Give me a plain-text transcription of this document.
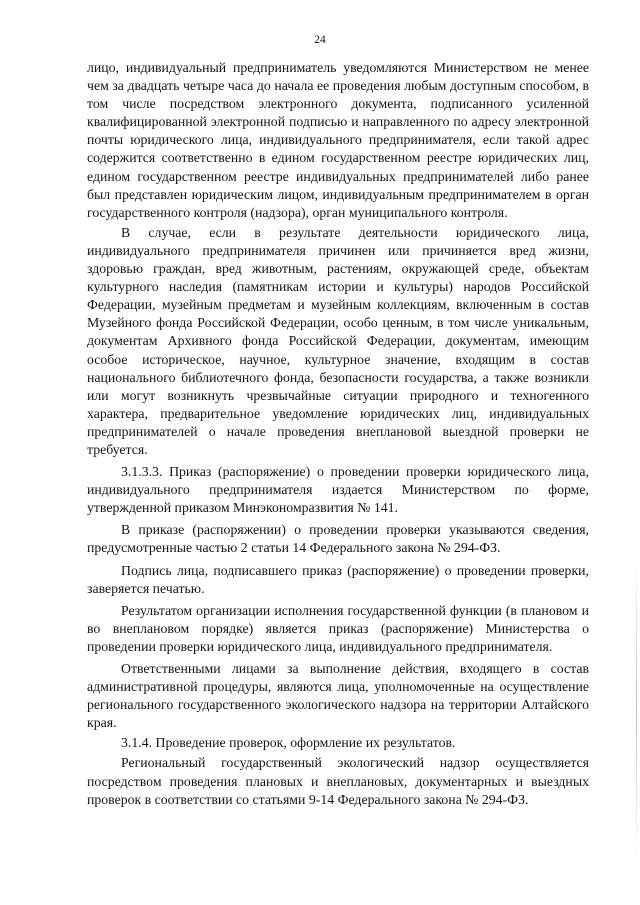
24

лицо, индивидуальный предприниматель уведомляются Министерством не менее чем за двадцать четыре часа до начала ее проведения любым доступным способом, в том числе посредством электронного документа, подписанного усиленной квалифицированной электронной подписью и направленного по адресу электронной почты юридического лица, индивидуального предпринимателя, если такой адрес содержится соответственно в едином государственном реестре юридических лиц, едином государственном реестре индивидуальных предпринимателей либо ранее был представлен юридическим лицом, индивидуальным предпринимателем в орган государственного контроля (надзора), орган муниципального контроля.

В случае, если в результате деятельности юридического лица, индивидуального предпринимателя причинен или причиняется вред жизни, здоровью граждан, вред животным, растениям, окружающей среде, объектам культурного наследия (памятникам истории и культуры) народов Российской Федерации, музейным предметам и музейным коллекциям, включенным в состав Музейного фонда Российской Федерации, особо ценным, в том числе уникальным, документам Архивного фонда Российской Федерации, документам, имеющим особое историческое, научное, культурное значение, входящим в состав национального библиотечного фонда, безопасности государства, а также возникли или могут возникнуть чрезвычайные ситуации природного и техногенного характера, предварительное уведомление юридических лиц, индивидуальных предпринимателей о начале проведения внеплановой выездной проверки не требуется.

3.1.3.3. Приказ (распоряжение) о проведении проверки юридического лица, индивидуального предпринимателя издается Министерством по форме, утвержденной приказом Минэкономразвития № 141.

В приказе (распоряжении) о проведении проверки указываются сведения, предусмотренные частью 2 статьи 14 Федерального закона № 294-ФЗ.

Подпись лица, подписавшего приказ (распоряжение) о проведении проверки, заверяется печатью.

Результатом организации исполнения государственной функции (в плановом и во внеплановом порядке) является приказ (распоряжение) Министерства о проведении проверки юридического лица, индивидуального предпринимателя.

Ответственными лицами за выполнение действия, входящего в состав административной процедуры, являются лица, уполномоченные на осуществление регионального государственного экологического надзора на территории Алтайского края.

3.1.4. Проведение проверок, оформление их результатов.

Региональный государственный экологический надзор осуществляется посредством проведения плановых и внеплановых, документарных и выездных проверок в соответствии со статьями 9-14 Федерального закона № 294-ФЗ.
